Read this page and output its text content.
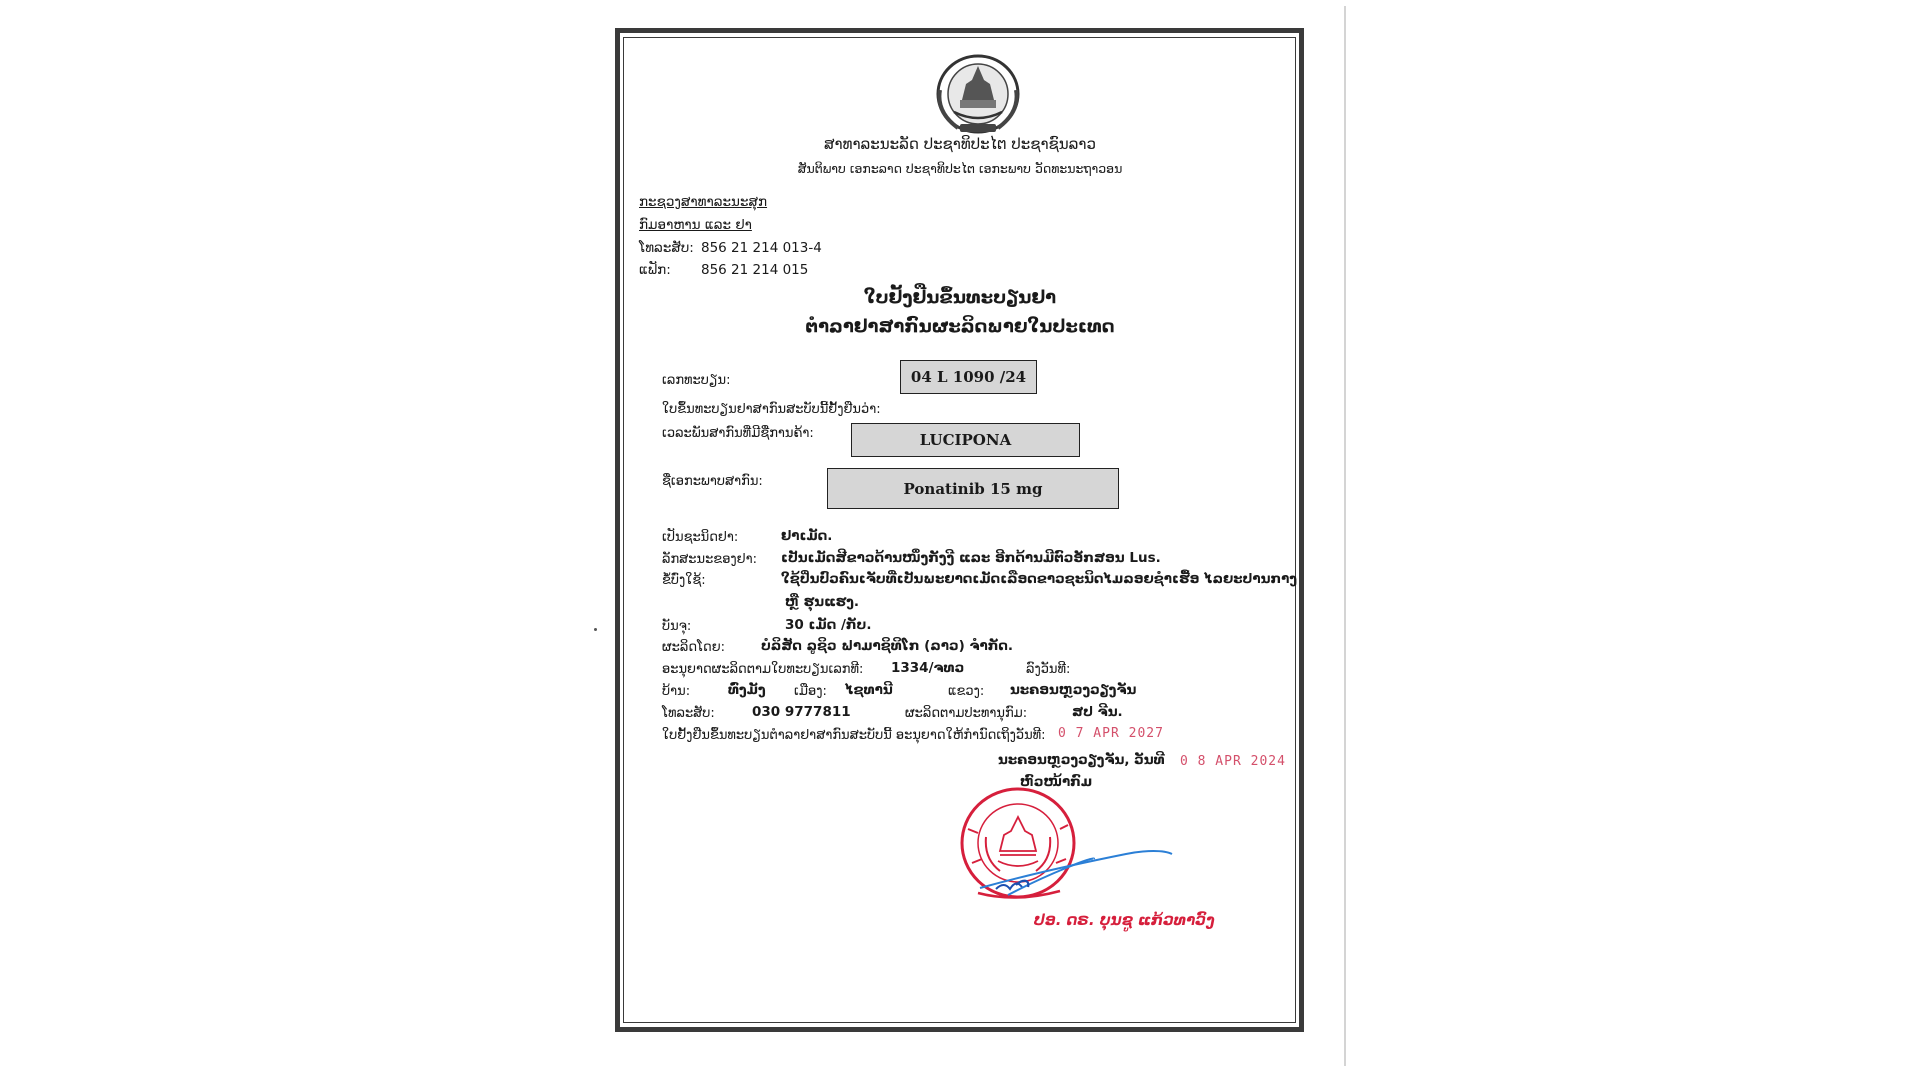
ສາທາລະນະລັດ ປະຊາທິປະໄຕ ປະຊາຊົນລາວ
ສັນຕິພາບ ເອກະລາດ ປະຊາທິປະໄຕ ເອກະພາບ ວັດທະນະຖາວອນ
ກະຊວງສາທາລະນະສຸກ
ກົມອາຫານ ແລະ ຢາ
ໂທລະສັບ: 856 21 214 013-4
ແຟັກ: 856 21 214 015
ໃບຢັ້ງຢືນຂຶ້ນທະບຽນຢາ
ຕຳລາຢາສາກົນຜະລິດພາຍໃນປະເທດ
ເລກທະບຽນ:	04 L 1090 /24
ໃບຂຶ້ນທະບຽນຢາສາກົນສະບັບນີ້ຢັ້ງຢືນວ່າ:
ເວລະພັນສາກົນທີ່ມີຊື່ການຄ້າ:	LUCIPONA
ຊື່ເອກະພາບສາກົນ:	Ponatinib 15 mg
ເປັນຊະນິດຢາ:	ຢາເມັດ.
ລັກສະນະຂອງຢາ: ເປັນເມັດສີຂາວດ້ານໜຶ່ງກັງງີ ແລະ ອີກດ້ານມີຕົວອັກສອນ Lus.
ຂໍ້ບົ່ງໃຊ້:	ໃຊ້ປິ່ນປົວຄົນເຈັບທີ່ເປັນພະຍາດເມັດເລືອດຂາວຊະນິດໄມລອຍຊຳເຮື້ອ ໄລຍະປານກາງ
ຫຼື ຮຸນແຮງ.
ບັນຈຸ:	30 ເມັດ /ກັບ.
ຜະລິດໂດຍ:	ບໍລິສັດ ລູຊິວ ຟາມາຊິທິໂກ (ລາວ) ຈຳກັດ.
ອະນຸຍາດຜະລິດຕາມໃບທະບຽນເລກທີ: 1334/ຈທວ	ລົງວັນທີ:
ບ້ານ:	ທົ່ງມັງ ເມືອງ: ໄຊທານີ	ແຂວງ: ນະຄອນຫຼວງວຽງຈັນ
ໂທລະສັບ:	030 9777811	ຜະລິດຕາມປະທານຸກົມ:	ສປ ຈີນ.
ໃບຢັ້ງຢືນຂຶ້ນທະບຽນຕຳລາຢາສາກົນສະບັບນີ້ ອະນຸຍາດໃຫ້ກຳນົດເຖິງວັນທີ: 0 7 APR 2027
ນະຄອນຫຼວງວຽງຈັນ, ວັນທີ 0 8 APR 2024
ຫົວໜ້າກົມ
ປອ. ດຣ. ບຸນຊູ ແກ້ວທາວົງ
